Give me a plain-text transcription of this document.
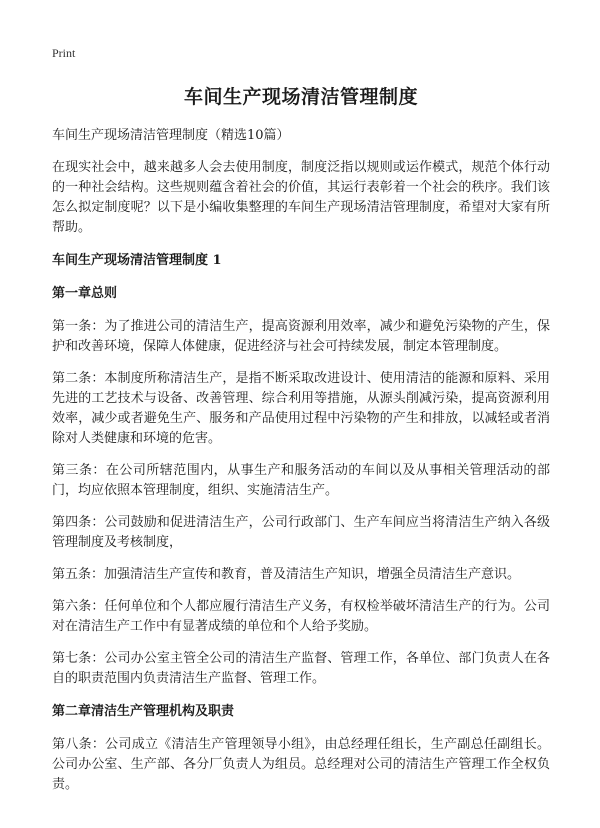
Print
车间生产现场清洁管理制度
车间生产现场清洁管理制度（精选10篇）
在现实社会中，越来越多人会去使用制度，制度泛指以规则或运作模式，规范个体行动的一种社会结构。这些规则蕴含着社会的价值，其运行表彰着一个社会的秩序。我们该怎么拟定制度呢？以下是小编收集整理的车间生产现场清洁管理制度，希望对大家有所帮助。
车间生产现场清洁管理制度 1
第一章总则
第一条：为了推进公司的清洁生产，提高资源利用效率，减少和避免污染物的产生，保护和改善环境，保障人体健康，促进经济与社会可持续发展，制定本管理制度。
第二条：本制度所称清洁生产，是指不断采取改进设计、使用清洁的能源和原料、采用先进的工艺技术与设备、改善管理、综合利用等措施，从源头削减污染，提高资源利用效率，减少或者避免生产、服务和产品使用过程中污染物的产生和排放，以减轻或者消除对人类健康和环境的危害。
第三条：在公司所辖范围内，从事生产和服务活动的车间以及从事相关管理活动的部门，均应依照本管理制度，组织、实施清洁生产。
第四条：公司鼓励和促进清洁生产，公司行政部门、生产车间应当将清洁生产纳入各级管理制度及考核制度，
第五条：加强清洁生产宣传和教育，普及清洁生产知识，增强全员清洁生产意识。
第六条：任何单位和个人都应履行清洁生产义务，有权检举破坏清洁生产的行为。公司对在清洁生产工作中有显著成绩的单位和个人给予奖励。
第七条：公司办公室主管全公司的清洁生产监督、管理工作，各单位、部门负责人在各自的职责范围内负责清洁生产监督、管理工作。
第二章清洁生产管理机构及职责
第八条：公司成立《清洁生产管理领导小组》，由总经理任组长，生产副总任副组长。公司办公室、生产部、各分厂负责人为组员。总经理对公司的清洁生产管理工作全权负责。
